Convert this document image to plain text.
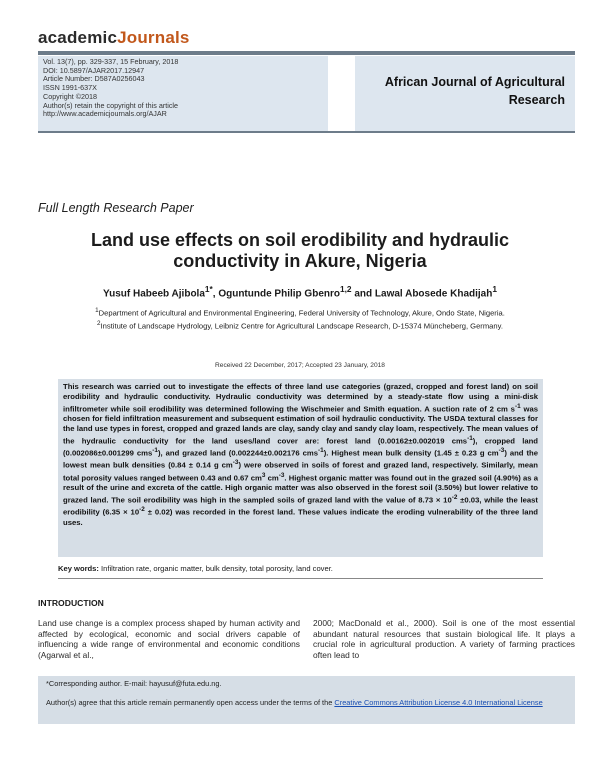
academicJournals
Vol. 13(7), pp. 329-337, 15 February, 2018
DOI: 10.5897/AJAR2017.12947
Article Number: D587A0256043
ISSN 1991-637X
Copyright ©2018
Author(s) retain the copyright of this article
http://www.academicjournals.org/AJAR
African Journal of Agricultural
Research
Full Length Research Paper
Land use effects on soil erodibility and hydraulic
conductivity in Akure, Nigeria
Yusuf Habeeb Ajibola$^{1*}$, Oguntunde Philip Gbenro$^{1,2}$ and Lawal Abosede Khadijah$^1$
$^1$Department of Agricultural and Environmental Engineering, Federal University of Technology, Akure, Ondo State, Nigeria.
$^2$Institute of Landscape Hydrology, Leibniz Centre for Agricultural Landscape Research, D-15374 Müncheberg, Germany.
Received 22 December, 2017; Accepted 23 January, 2018
This research was carried out to investigate the effects of three land use categories (grazed, cropped and forest land) on soil erodibility and hydraulic conductivity. Hydraulic conductivity was determined by a steady-state flow using a mini-disk infiltrometer while soil erodibility was determined following the Wischmeier and Smith equation. A suction rate of 2 cm $s^{-1}$ was chosen for field infiltration measurement and subsequent estimation of soil hydraulic conductivity. The USDA textural classes for the land use types in forest, cropped and grazed lands are clay, sandy clay and sandy clay loam, respectively. The mean values of the hydraulic conductivity for the land uses/land cover are: forest land (0.00162±0.002019 cms$^{-1}$), cropped land (0.002086±0.001299 cms$^{-1}$), and grazed land (0.002244±0.002176 cms$^{-1}$). Highest mean bulk density (1.45 ± 0.23 g $cm^{-3}$) and the lowest mean bulk densities (0.84 ± 0.14 g $cm^{-3}$) were observed in soils of forest and grazed land, respectively. Similarly, mean total porosity values ranged between 0.43 and 0.67 $cm^3$ $cm^{-3}$. Highest organic matter was found out in the grazed soil (4.90%) as a result of the urine and excreta of the cattle. High organic matter was also observed in the forest soil (3.50%) but lower relative to grazed land. The soil erodibility was high in the sampled soils of grazed land with the value of $8.73 \times 10^{-2} \pm 0.03$, while the least erodibility $(6.35 \times 10^{-2} \pm 0.02)$ was recorded in the forest land. These values indicate the eroding vulnerability of the three land uses.
Key words: Infiltration rate, organic matter, bulk density, total porosity, land cover.
INTRODUCTION
Land use change is a complex process shaped by human activity and affected by ecological, economic and social drivers capable of influencing a wide range of environmental and economic conditions (Agarwal et al.,
2000; MacDonald et al., 2000). Soil is one of the most essential abundant natural resources that sustain biological life. It plays a crucial role in agricultural production. A variety of farming practices often lead to
*Corresponding author. E-mail: hayusuf@futa.edu.ng.
Author(s) agree that this article remain permanently open access under the terms of the Creative Commons Attribution License 4.0 International License
